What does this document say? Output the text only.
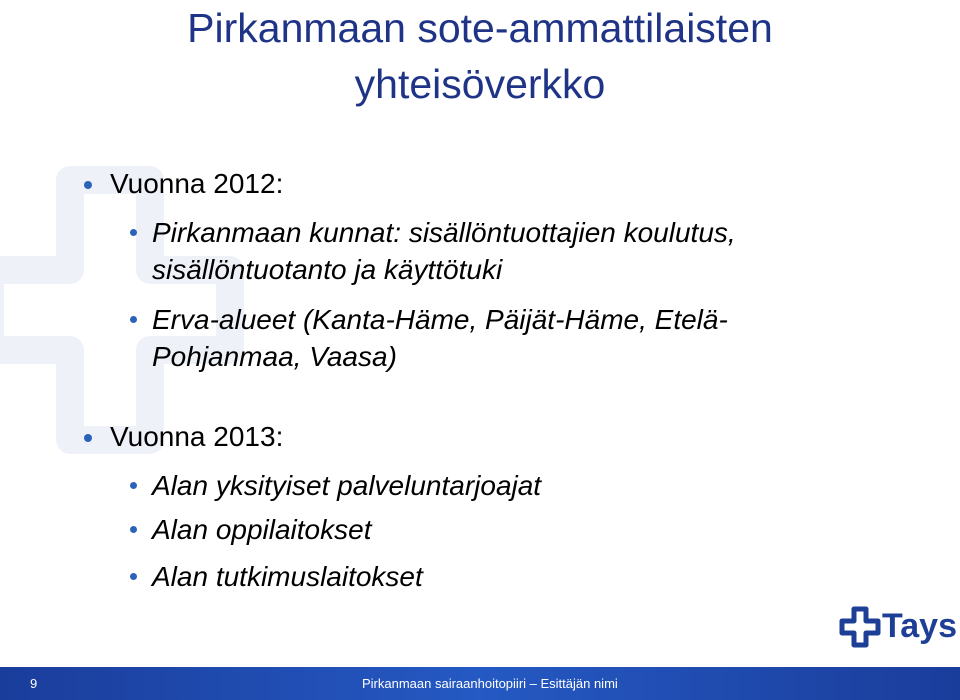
Pirkanmaan sote-ammattilaisten
yhteisöverkko
Vuonna 2012:
Pirkanmaan kunnat: sisällöntuottajien koulutus,
sisällöntuotanto ja käyttötuki
Erva-alueet (Kanta-Häme, Päijät-Häme, Etelä-
Pohjanmaa, Vaasa)
Vuonna 2013:
Alan yksityiset palveluntarjoajat
Alan oppilaitokset
Alan tutkimuslaitokset
Tays
9	Pirkanmaan sairaanhoitopiiri – Esittäjän nimi
